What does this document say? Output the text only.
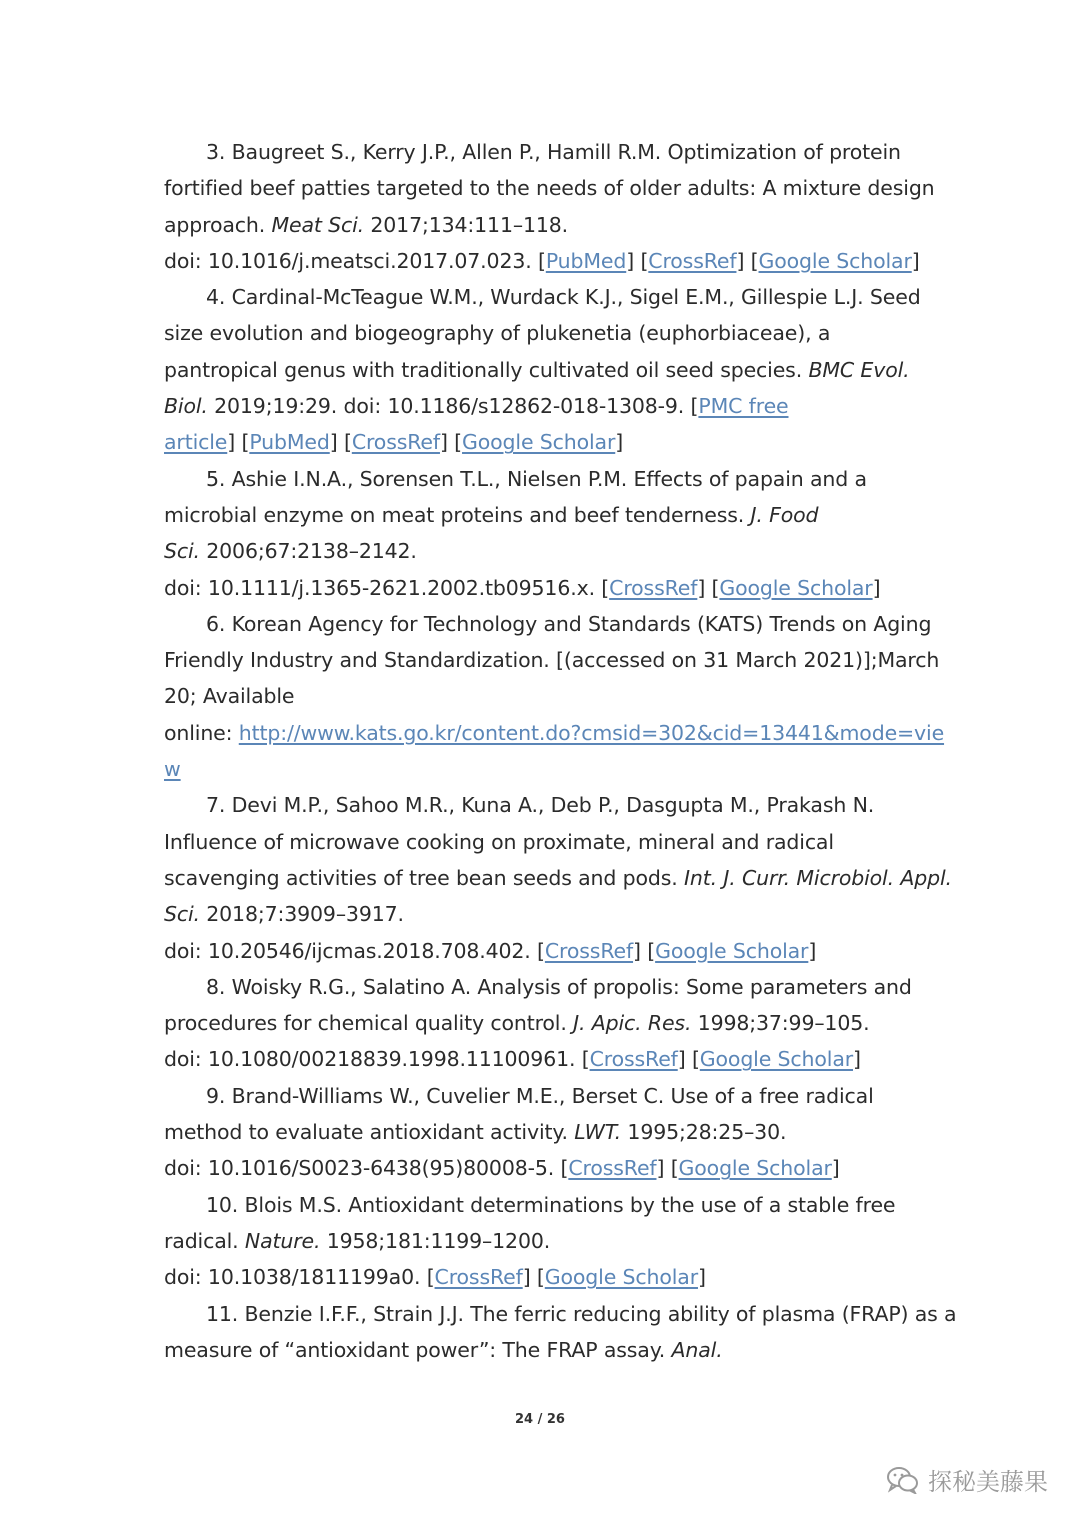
3. Baugreet S., Kerry J.P., Allen P., Hamill R.M. Optimization of protein
fortified beef patties targeted to the needs of older adults: A mixture design
approach. Meat Sci. 2017;134:111–118.
doi: 10.1016/j.meatsci.2017.07.023. [PubMed] [CrossRef] [Google Scholar]
4. Cardinal-McTeague W.M., Wurdack K.J., Sigel E.M., Gillespie L.J. Seed
size evolution and biogeography of plukenetia (euphorbiaceae), a
pantropical genus with traditionally cultivated oil seed species. BMC Evol.
Biol. 2019;19:29. doi: 10.1186/s12862-018-1308-9. [PMC free
article] [PubMed] [CrossRef] [Google Scholar]
5. Ashie I.N.A., Sorensen T.L., Nielsen P.M. Effects of papain and a
microbial enzyme on meat proteins and beef tenderness. J. Food
Sci. 2006;67:2138–2142.
doi: 10.1111/j.1365-2621.2002.tb09516.x. [CrossRef] [Google Scholar]
6. Korean Agency for Technology and Standards (KATS) Trends on Aging
Friendly Industry and Standardization. [(accessed on 31 March 2021)];March
20; Available
online: http://www.kats.go.kr/content.do?cmsid=302&cid=13441&mode=vie
w
7. Devi M.P., Sahoo M.R., Kuna A., Deb P., Dasgupta M., Prakash N.
Influence of microwave cooking on proximate, mineral and radical
scavenging activities of tree bean seeds and pods. Int. J. Curr. Microbiol. Appl.
Sci. 2018;7:3909–3917.
doi: 10.20546/ijcmas.2018.708.402. [CrossRef] [Google Scholar]
8. Woisky R.G., Salatino A. Analysis of propolis: Some parameters and
procedures for chemical quality control. J. Apic. Res. 1998;37:99–105.
doi: 10.1080/00218839.1998.11100961. [CrossRef] [Google Scholar]
9. Brand-Williams W., Cuvelier M.E., Berset C. Use of a free radical
method to evaluate antioxidant activity. LWT. 1995;28:25–30.
doi: 10.1016/S0023-6438(95)80008-5. [CrossRef] [Google Scholar]
10. Blois M.S. Antioxidant determinations by the use of a stable free
radical. Nature. 1958;181:1199–1200.
doi: 10.1038/1811199a0. [CrossRef] [Google Scholar]
11. Benzie I.F.F., Strain J.J. The ferric reducing ability of plasma (FRAP) as a
measure of “antioxidant power”: The FRAP assay. Anal.
24 / 26
探秘美藤果
